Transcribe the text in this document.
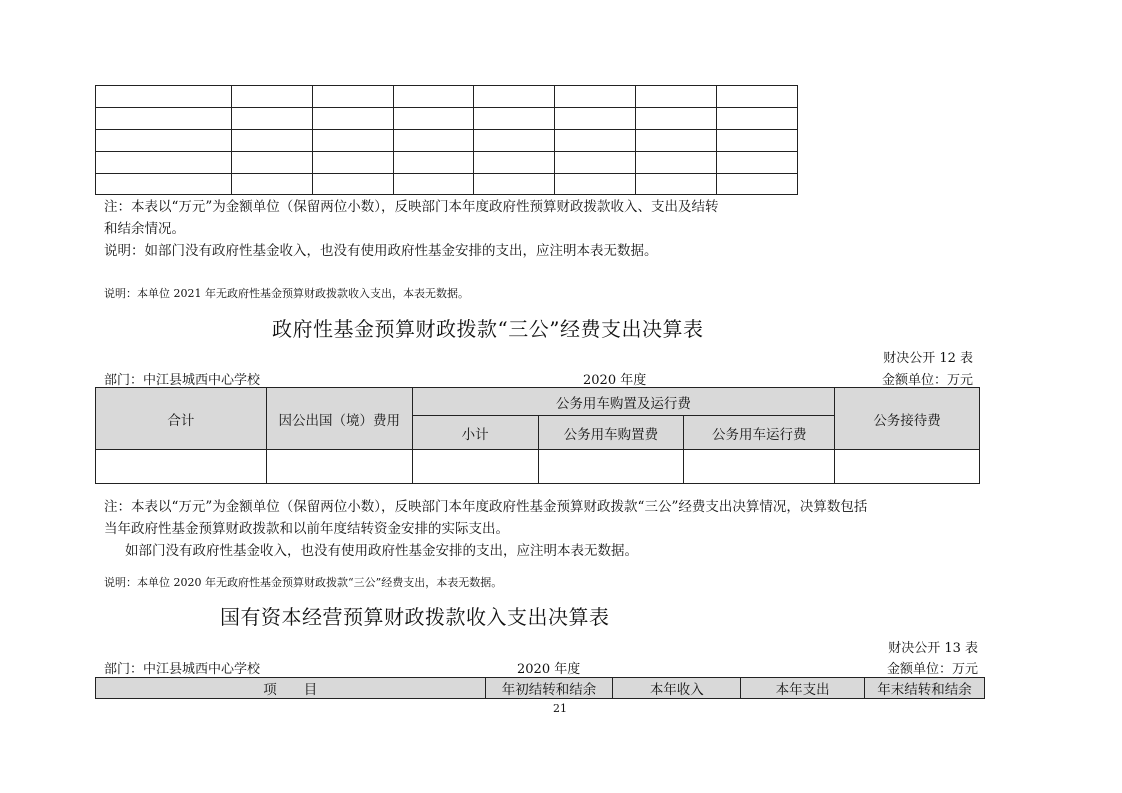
注：本表以“万元”为金额单位（保留两位小数），反映部门本年度政府性预算财政拨款收入、支出及结转
和结余情况。
说明：如部门没有政府性基金收入，也没有使用政府性基金安排的支出，应注明本表无数据。
说明：本单位 2021 年无政府性基金预算财政拨款收入支出，本表无数据。
政府性基金预算财政拨款“三公”经费支出决算表
财决公开 12 表
部门：中江县城西中心学校	2020 年度	金额单位：万元
合计	因公出国（境）费用	公务用车购置及运行费			公务接待费
		小计	公务用车购置费	公务用车运行费	

注：本表以“万元”为金额单位（保留两位小数），反映部门本年度政府性基金预算财政拨款“三公”经费支出决算情况，决算数包括
当年政府性基金预算财政拨款和以前年度结转资金安排的实际支出。
如部门没有政府性基金收入，也没有使用政府性基金安排的支出，应注明本表无数据。
说明：本单位 2020 年无政府性基金预算财政拨款“三公”经费支出，本表无数据。
国有资本经营预算财政拨款收入支出决算表
财决公开 13 表
部门：中江县城西中心学校	2020 年度	金额单位：万元
项　　目	年初结转和结余	本年收入	本年支出	年末结转和结余
21
